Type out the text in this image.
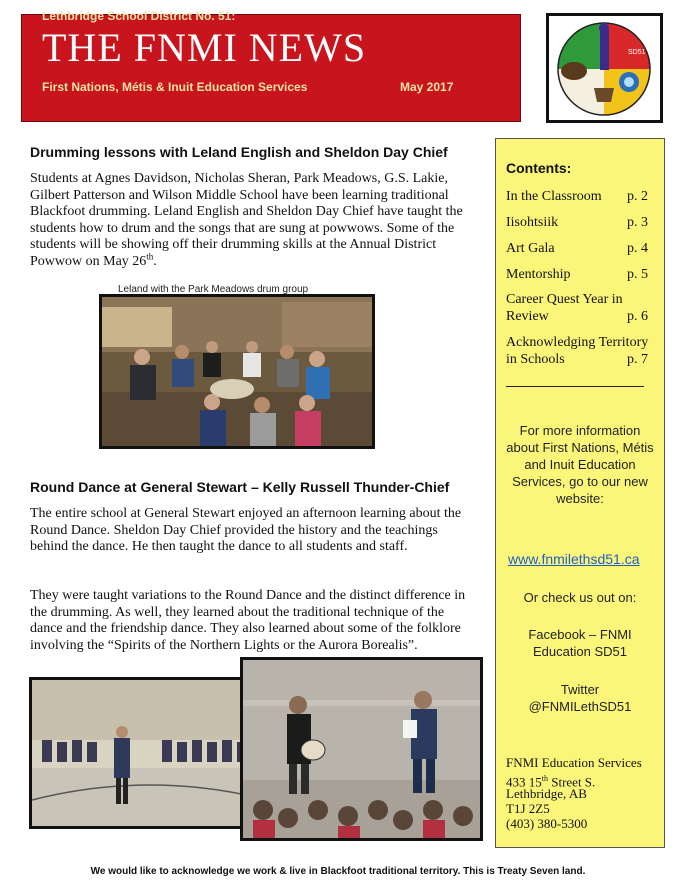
Lethbridge School District No. 51:
THE FNMI NEWS
First Nations, Métis & Inuit Education Services	May 2017
SD51
Drumming lessons with Leland English and Sheldon Day Chief
Students at Agnes Davidson, Nicholas Sheran, Park Meadows, G.S. Lakie, Gilbert Patterson and Wilson Middle School have been learning traditional Blackfoot drumming. Leland English and Sheldon Day Chief have taught the students how to drum and the songs that are sung at powwows. Some of the students will be showing off their drumming skills at the Annual District Powwow on May 26th.
Leland with the Park Meadows drum group
Round Dance at General Stewart – Kelly Russell Thunder-Chief
The entire school at General Stewart enjoyed an afternoon learning about the Round Dance. Sheldon Day Chief provided the history and the teachings behind the dance. He then taught the dance to all students and staff.
They were taught variations to the Round Dance and the distinct difference in the drumming. As well, they learned about the traditional technique of the dance and the friendship dance. They also learned about some of the folklore involving the “Spirits of the Northern Lights or the Aurora Borealis”.
Contents:
In the Classroom	p. 2
Iisohtsiik	p. 3
Art Gala	p. 4
Mentorship	p. 5
Career Quest Year in Review	p. 6
Acknowledging Territory in Schools	p. 7
For more information about First Nations, Métis and Inuit Education Services, go to our new website:
www.fnmilethsd51.ca
Or check us out on:
Facebook – FNMI Education SD51
Twitter @FNMILethSD51
FNMI Education Services
433 15th Street S.
Lethbridge, AB
T1J 2Z5
(403) 380-5300
We would like to acknowledge we work & live in Blackfoot traditional territory. This is Treaty Seven land.
